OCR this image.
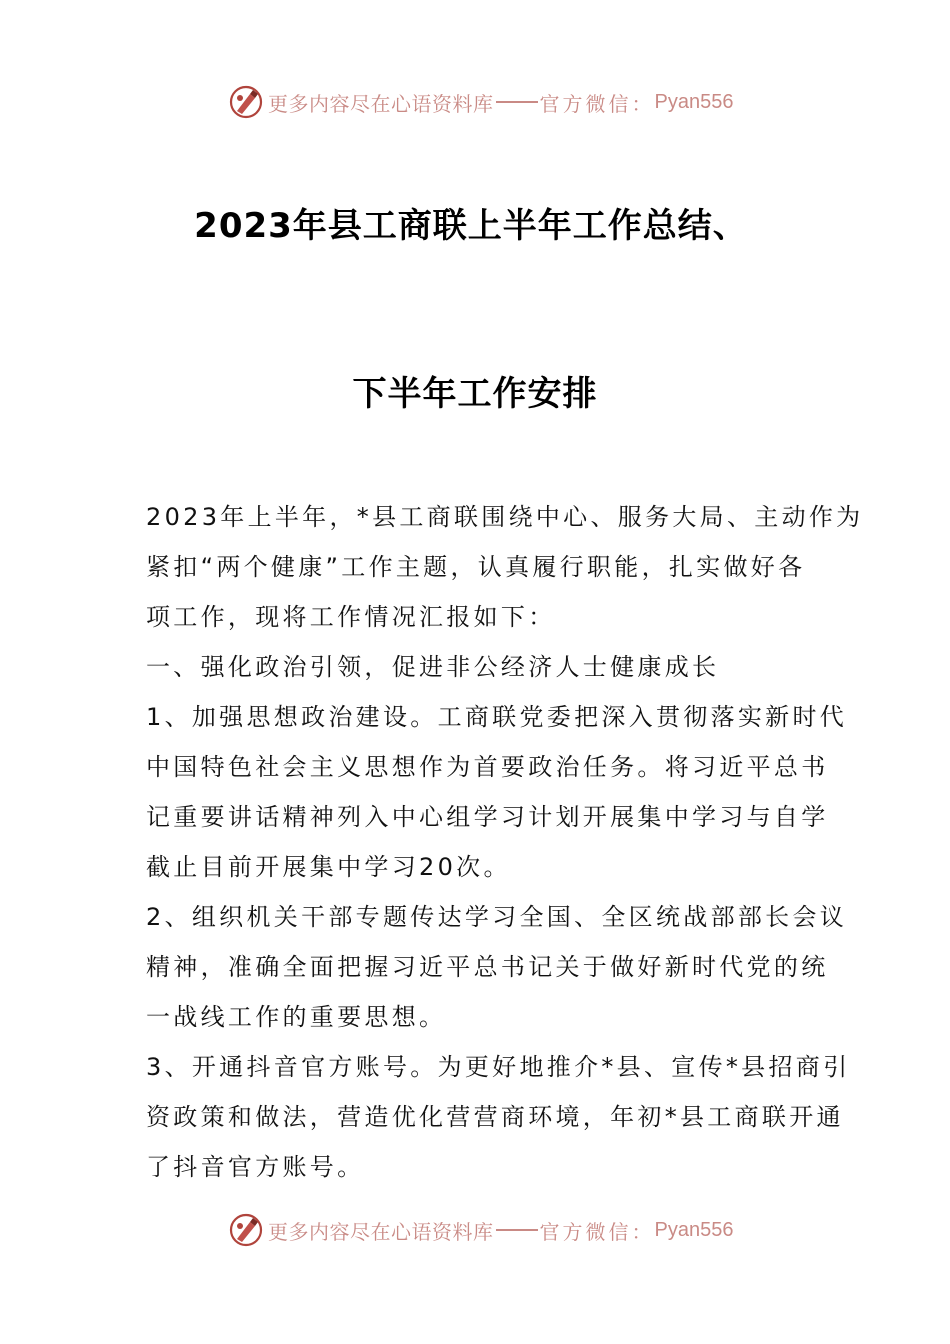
更多内容尽在心语资料库 官方微信： Pyan556
2023年县工商联上半年工作总结、
下半年工作安排
2023年上半年，*县工商联围绕中心、服务大局、主动作为
紧扣“两个健康”工作主题，认真履行职能，扎实做好各
项工作，现将工作情况汇报如下：
一、强化政治引领，促进非公经济人士健康成长
1、加强思想政治建设。工商联党委把深入贯彻落实新时代
中国特色社会主义思想作为首要政治任务。将习近平总书
记重要讲话精神列入中心组学习计划开展集中学习与自学
截止目前开展集中学习20次。
2、组织机关干部专题传达学习全国、全区统战部部长会议
精神，准确全面把握习近平总书记关于做好新时代党的统
一战线工作的重要思想。
3、开通抖音官方账号。为更好地推介*县、宣传*县招商引
资政策和做法，营造优化营营商环境，年初*县工商联开通
了抖音官方账号。
更多内容尽在心语资料库 官方微信： Pyan556
